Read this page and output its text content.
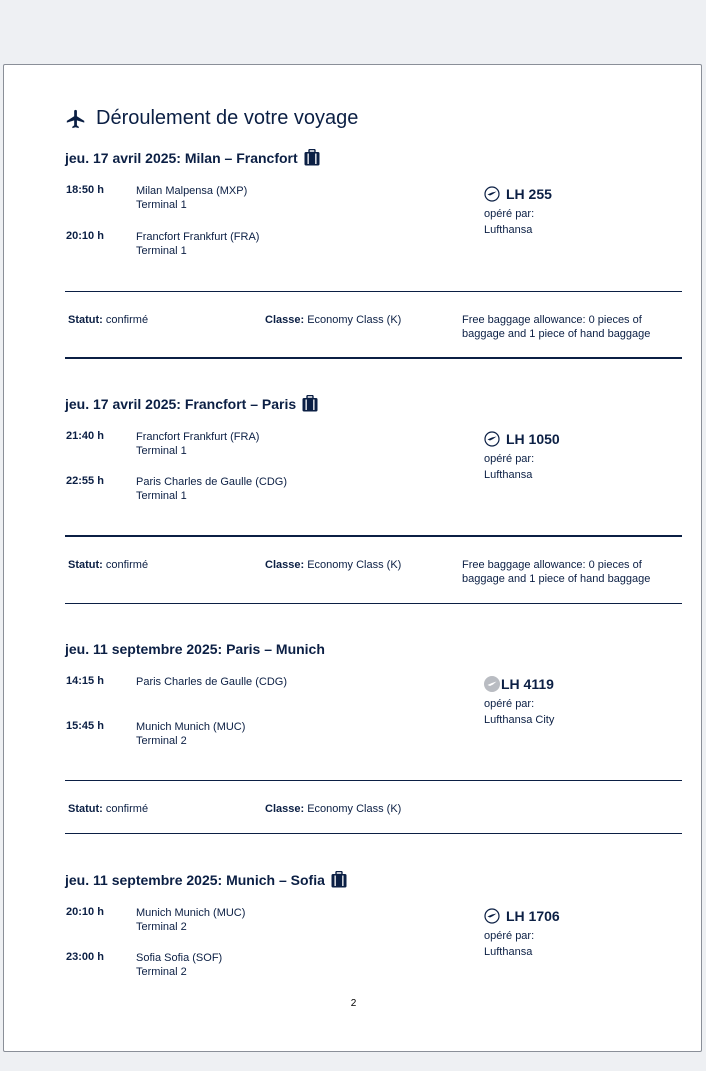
Déroulement de votre voyage
jeu. 17 avril 2025: Milan – Francfort
18:50 h	Milan Malpensa (MXP)
Terminal 1
20:10 h	Francfort Frankfurt (FRA)
Terminal 1
LH 255
opéré par:
Lufthansa
Statut: confirmé	Classe: Economy Class (K)	Free baggage allowance: 0 pieces of
baggage and 1 piece of hand baggage
jeu. 17 avril 2025: Francfort – Paris
21:40 h	Francfort Frankfurt (FRA)
Terminal 1
22:55 h	Paris Charles de Gaulle (CDG)
Terminal 1
LH 1050
opéré par:
Lufthansa
Statut: confirmé	Classe: Economy Class (K)	Free baggage allowance: 0 pieces of
baggage and 1 piece of hand baggage
jeu. 11 septembre 2025: Paris – Munich
14:15 h	Paris Charles de Gaulle (CDG)
15:45 h	Munich Munich (MUC)
Terminal 2
LH 4119
opéré par:
Lufthansa City
Statut: confirmé	Classe: Economy Class (K)
jeu. 11 septembre 2025: Munich – Sofia
20:10 h	Munich Munich (MUC)
Terminal 2
23:00 h	Sofia Sofia (SOF)
Terminal 2
LH 1706
opéré par:
Lufthansa
2
